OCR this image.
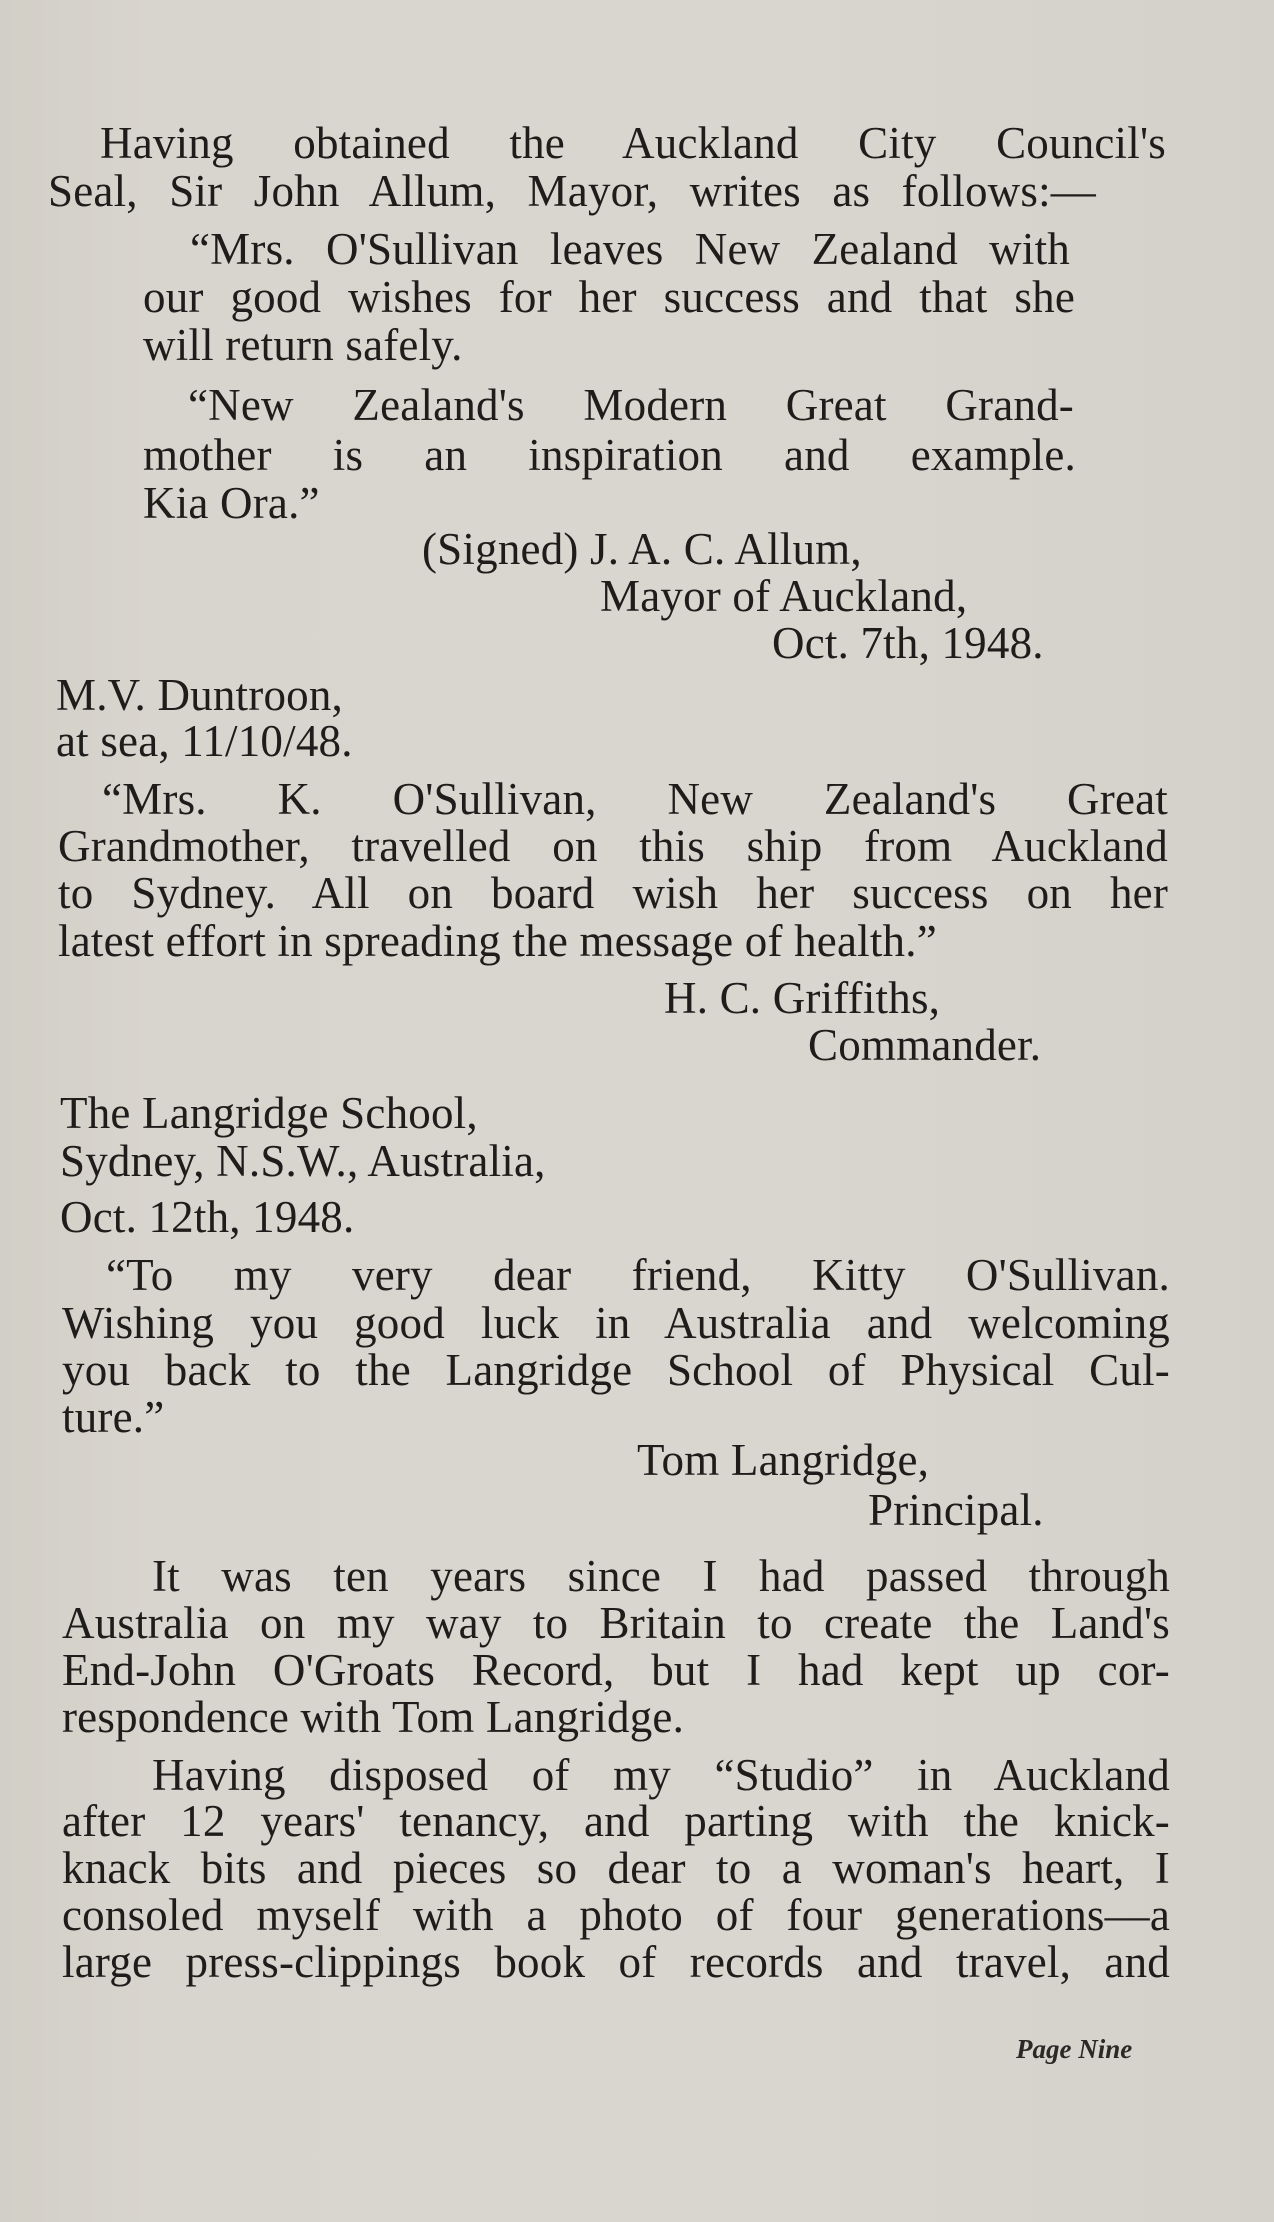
Having obtained the Auckland City Council's
Seal, Sir John Allum, Mayor, writes as follows:—
“Mrs. O'Sullivan leaves New Zealand with
our good wishes for her success and that she
will return safely.
“New Zealand's Modern Great Grand-
mother is an inspiration and example.
Kia Ora.”
(Signed) J. A. C. Allum,
Mayor of Auckland,
Oct. 7th, 1948.
M.V. Duntroon,
at sea, 11/10/48.
“Mrs. K. O'Sullivan, New Zealand's Great
Grandmother, travelled on this ship from Auckland
to Sydney. All on board wish her success on her
latest effort in spreading the message of health.”
H. C. Griffiths,
Commander.
The Langridge School,
Sydney, N.S.W., Australia,
Oct. 12th, 1948.
“To my very dear friend, Kitty O'Sullivan.
Wishing you good luck in Australia and welcoming
you back to the Langridge School of Physical Cul-
ture.”
Tom Langridge,
Principal.
It was ten years since I had passed through
Australia on my way to Britain to create the Land's
End-John O'Groats Record, but I had kept up cor-
respondence with Tom Langridge.
Having disposed of my “Studio” in Auckland
after 12 years' tenancy, and parting with the knick-
knack bits and pieces so dear to a woman's heart, I
consoled myself with a photo of four generations—a
large press-clippings book of records and travel, and
Page Nine
